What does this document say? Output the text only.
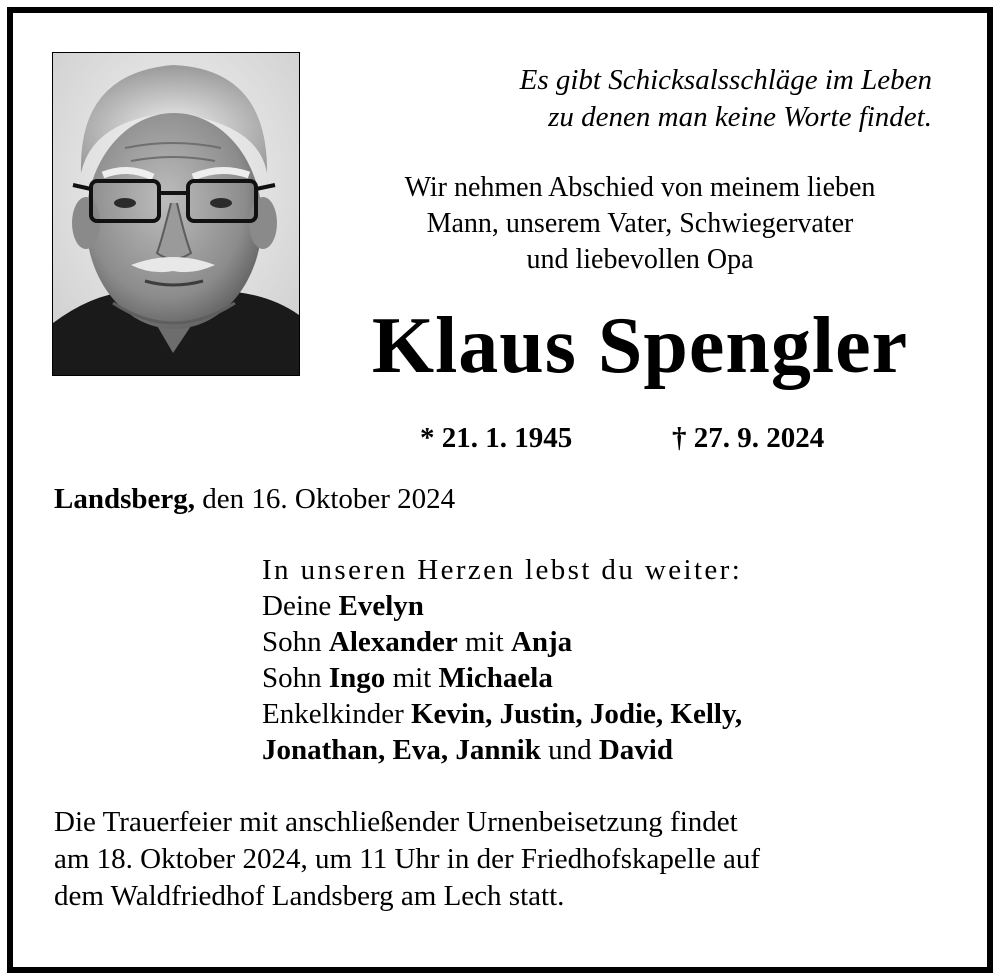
Es gibt Schicksalsschläge im Leben
zu denen man keine Worte findet.
Wir nehmen Abschied von meinem lieben
Mann, unserem Vater, Schwiegervater
und liebevollen Opa
Klaus Spengler
* 21. 1. 1945	† 27. 9. 2024
Landsberg, den 16. Oktober 2024
In unseren Herzen lebst du weiter:
Deine Evelyn
Sohn Alexander mit Anja
Sohn Ingo mit Michaela
Enkelkinder Kevin, Justin, Jodie, Kelly,
Jonathan, Eva, Jannik und David
Die Trauerfeier mit anschließender Urnenbeisetzung findet
am 18. Oktober 2024, um 11 Uhr in der Friedhofskapelle auf
dem Waldfriedhof Landsberg am Lech statt.
